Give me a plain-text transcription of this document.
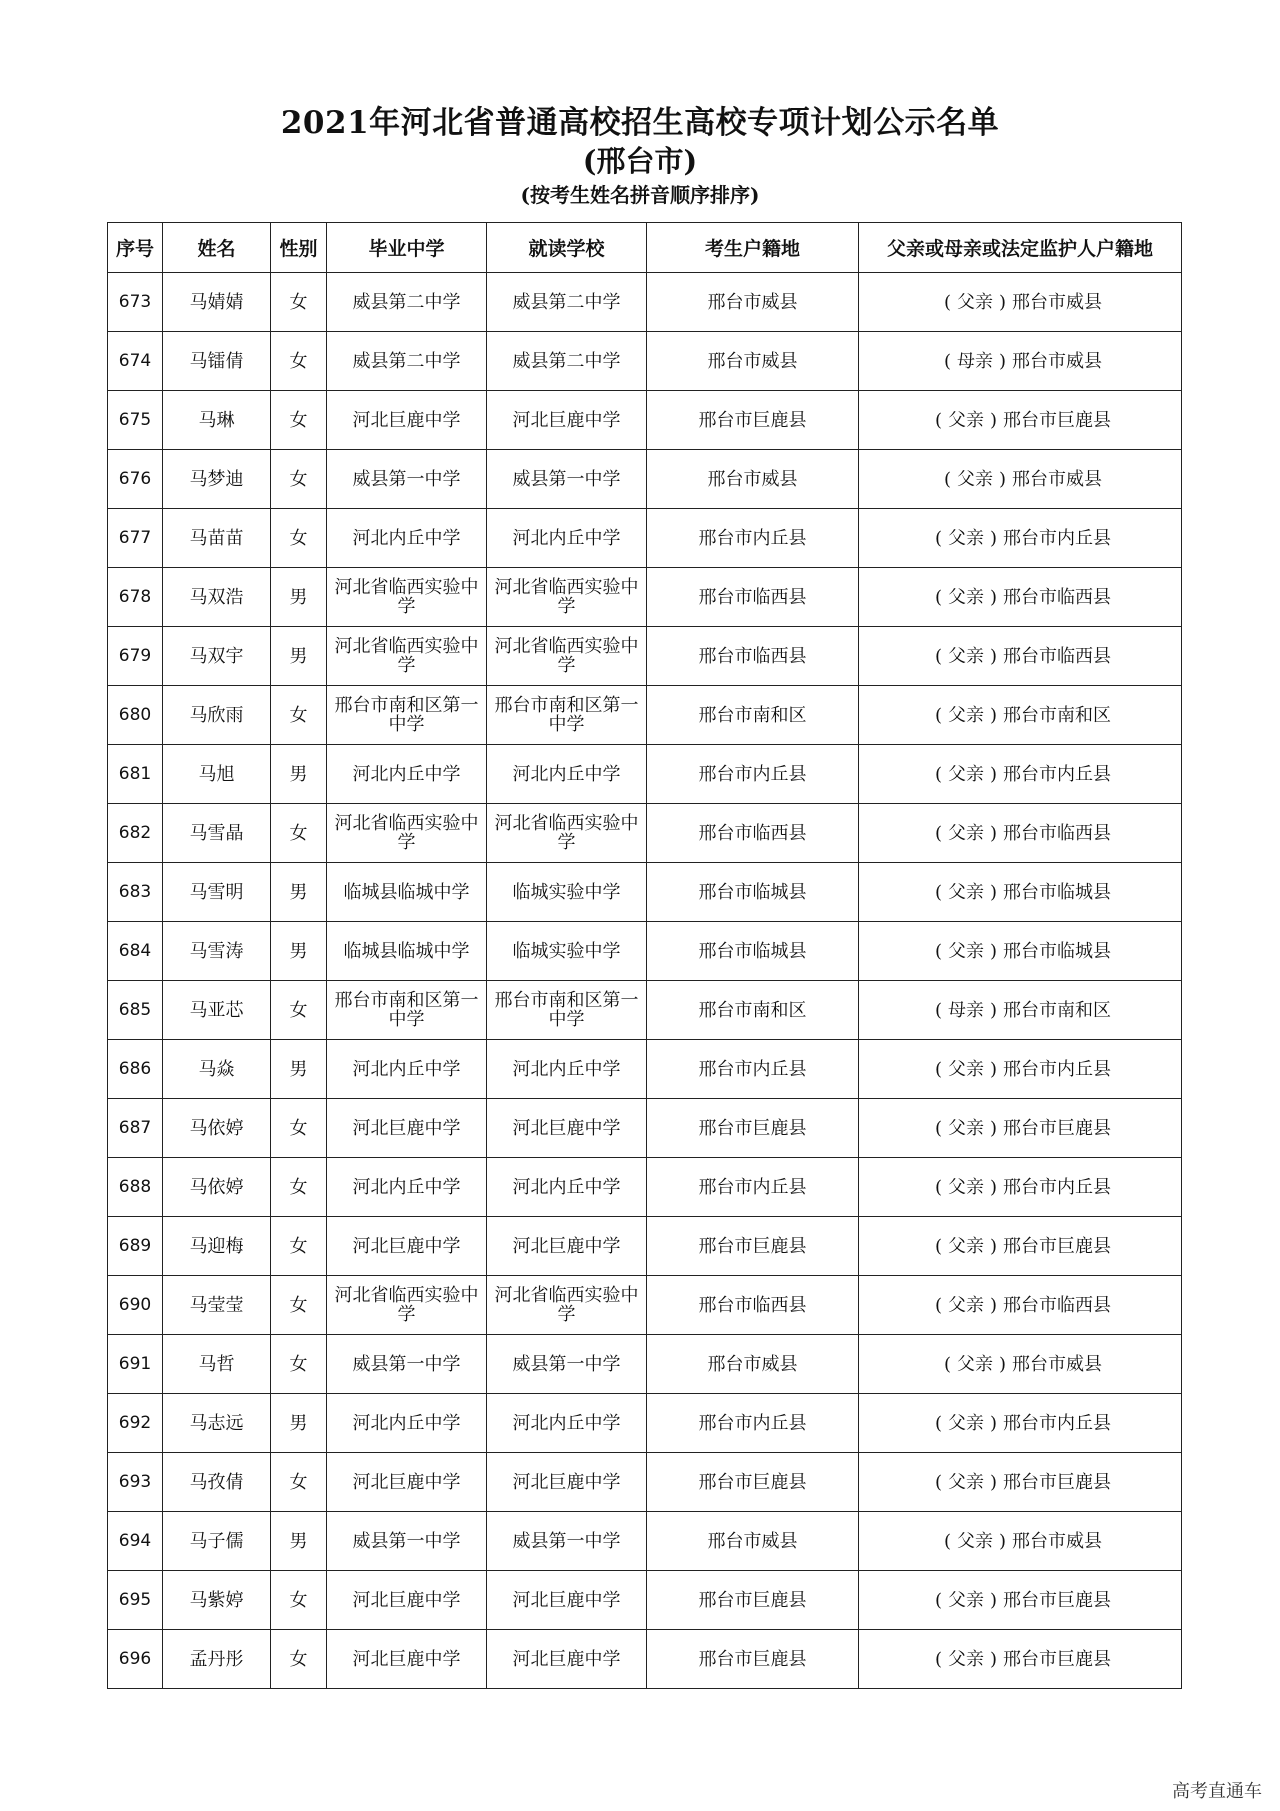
2021年河北省普通高校招生高校专项计划公示名单
(邢台市)
(按考生姓名拼音顺序排序)
序号	姓名	性别	毕业中学	就读学校	考生户籍地	父亲或母亲或法定监护人户籍地
673	马婧婧	女	威县第二中学	威县第二中学	邢台市威县	( 父亲 ) 邢台市威县
674	马镭倩	女	威县第二中学	威县第二中学	邢台市威县	( 母亲 ) 邢台市威县
675	马琳	女	河北巨鹿中学	河北巨鹿中学	邢台市巨鹿县	( 父亲 ) 邢台市巨鹿县
676	马梦迪	女	威县第一中学	威县第一中学	邢台市威县	( 父亲 ) 邢台市威县
677	马苗苗	女	河北内丘中学	河北内丘中学	邢台市内丘县	( 父亲 ) 邢台市内丘县
678	马双浩	男	河北省临西实验中学	河北省临西实验中学	邢台市临西县	( 父亲 ) 邢台市临西县
679	马双宇	男	河北省临西实验中学	河北省临西实验中学	邢台市临西县	( 父亲 ) 邢台市临西县
680	马欣雨	女	邢台市南和区第一中学	邢台市南和区第一中学	邢台市南和区	( 父亲 ) 邢台市南和区
681	马旭	男	河北内丘中学	河北内丘中学	邢台市内丘县	( 父亲 ) 邢台市内丘县
682	马雪晶	女	河北省临西实验中学	河北省临西实验中学	邢台市临西县	( 父亲 ) 邢台市临西县
683	马雪明	男	临城县临城中学	临城实验中学	邢台市临城县	( 父亲 ) 邢台市临城县
684	马雪涛	男	临城县临城中学	临城实验中学	邢台市临城县	( 父亲 ) 邢台市临城县
685	马亚芯	女	邢台市南和区第一中学	邢台市南和区第一中学	邢台市南和区	( 母亲 ) 邢台市南和区
686	马焱	男	河北内丘中学	河北内丘中学	邢台市内丘县	( 父亲 ) 邢台市内丘县
687	马依婷	女	河北巨鹿中学	河北巨鹿中学	邢台市巨鹿县	( 父亲 ) 邢台市巨鹿县
688	马依婷	女	河北内丘中学	河北内丘中学	邢台市内丘县	( 父亲 ) 邢台市内丘县
689	马迎梅	女	河北巨鹿中学	河北巨鹿中学	邢台市巨鹿县	( 父亲 ) 邢台市巨鹿县
690	马莹莹	女	河北省临西实验中学	河北省临西实验中学	邢台市临西县	( 父亲 ) 邢台市临西县
691	马哲	女	威县第一中学	威县第一中学	邢台市威县	( 父亲 ) 邢台市威县
692	马志远	男	河北内丘中学	河北内丘中学	邢台市内丘县	( 父亲 ) 邢台市内丘县
693	马孜倩	女	河北巨鹿中学	河北巨鹿中学	邢台市巨鹿县	( 父亲 ) 邢台市巨鹿县
694	马子儒	男	威县第一中学	威县第一中学	邢台市威县	( 父亲 ) 邢台市威县
695	马紫婷	女	河北巨鹿中学	河北巨鹿中学	邢台市巨鹿县	( 父亲 ) 邢台市巨鹿县
696	孟丹彤	女	河北巨鹿中学	河北巨鹿中学	邢台市巨鹿县	( 父亲 ) 邢台市巨鹿县
高考直通车
